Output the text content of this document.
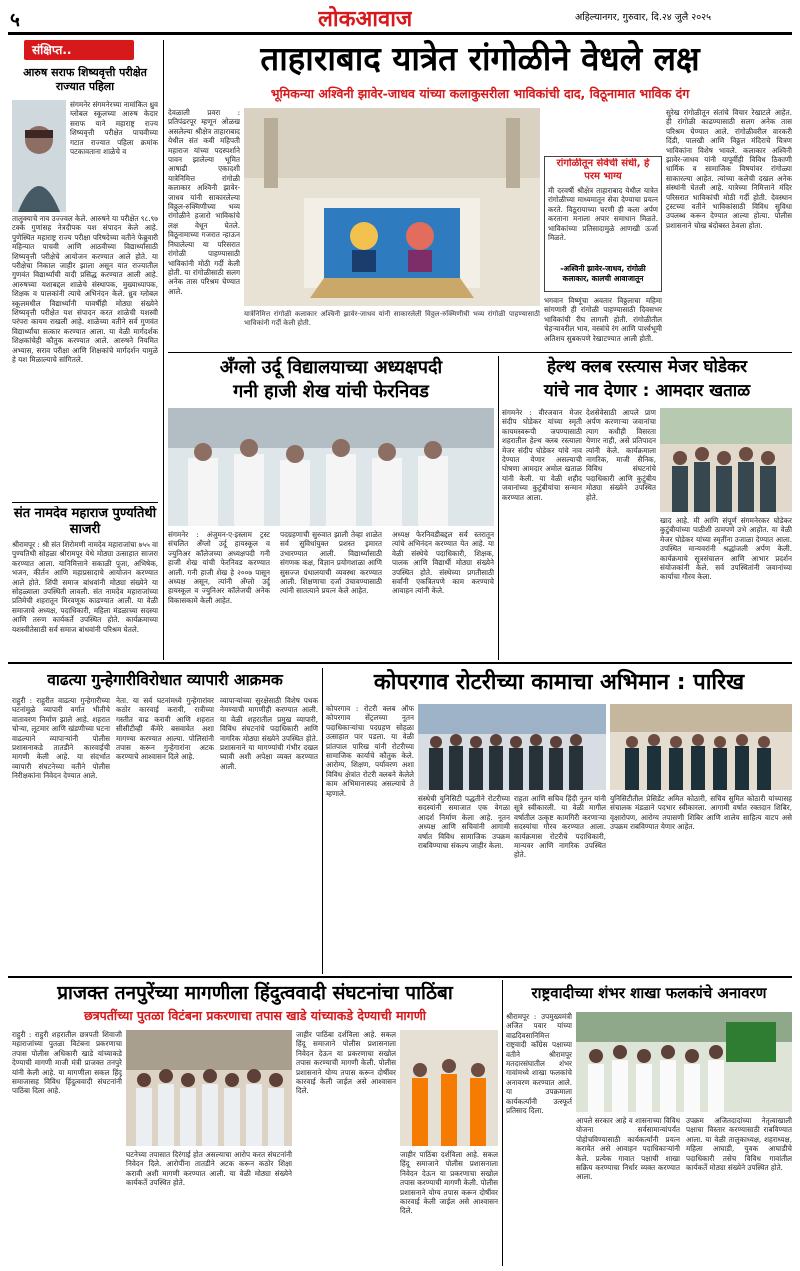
५	लोकआवाज	अहिल्यानगर, गुरुवार, दि.२४ जुलै २०२५
संक्षिप्त..
आरुष सराफ शिष्यवृत्ती परीक्षेत राज्यात पहिला
संगमनेर संगमनेरच्या नामांकित ध्रुव ग्लोबल स्कूलच्या आरुष केदार सराफ याने महाराष्ट्र राज्य शिष्यवृत्ती परीक्षेत पाचवीच्या गटात राज्यात पहिला क्रमांक पटकावताना शाळेचे व
तालुक्याचे नाव उज्ज्वल केले. आरुषने या परीक्षेत ९८.९७ टक्के गुणांसह नेत्रदीपक यश संपादन केले आहे. पुणेस्थित महाराष्ट्र राज्य परीक्षा परिषदेच्या वतीने फेब्रुवारी महिन्यात पाचवी आणि आठवीच्या विद्यार्थ्यांसाठी शिष्यवृत्ती परीक्षेचे आयोजन करण्यात आले होते. या परीक्षेचा निकाल जाहीर झाला असून यात राज्यातील गुणवंत विद्यार्थ्यांची यादी प्रसिद्ध करण्यात आली आहे. आरुषच्या यशाबद्दल शाळेचे संस्थापक, मुख्याध्यापक, शिक्षक व पालकांनी त्याचे अभिनंदन केले. ध्रुव ग्लोबल स्कूलमधील विद्यार्थ्यांनी यावर्षीही मोठ्या संख्येने शिष्यवृत्ती परीक्षेत यश संपादन करत शाळेची यशस्वी परंपरा कायम राखली आहे. शाळेच्या वतीने सर्व गुणवंत विद्यार्थ्यांचा सत्कार करण्यात आला. या वेळी मार्गदर्शक शिक्षकांचेही कौतुक करण्यात आले. आरुषने नियमित अभ्यास, सराव परीक्षा आणि शिक्षकांचे मार्गदर्शन यामुळे हे यश मिळाल्याचे सांगितले.
संत नामदेव महाराज पुण्यतिथी साजरी
श्रीरामपूर : श्री संत शिरोमणी नामदेव महाराजांचा ७५५ वा पुण्यतिथी सोहळा श्रीरामपूर येथे मोठ्या उत्साहात साजरा करण्यात आला. यानिमित्ताने सकाळी पूजा, अभिषेक, भजन, कीर्तन आणि महाप्रसादाचे आयोजन करण्यात आले होते. शिंपी समाज बांधवांनी मोठ्या संख्येने या सोहळ्याला उपस्थिती लावली. संत नामदेव महाराजांच्या प्रतिमेची शहरातून मिरवणूक काढण्यात आली. या वेळी समाजाचे अध्यक्ष, पदाधिकारी, महिला मंडळाच्या सदस्या आणि तरुण कार्यकर्ते उपस्थित होते. कार्यक्रमाच्या यशस्वीतेसाठी सर्व समाज बांधवांनी परिश्रम घेतले.
ताहाराबाद यात्रेत रांगोळीने वेधले लक्ष
भूमिकन्या अश्विनी झावेर-जाधव यांच्या कलाकुसरीला भाविकांची दाद, विठूनामात भाविक दंग
देवळाली प्रवरा : प्रतिपंढरपूर म्हणून ओळख असलेल्या श्रीक्षेत्र ताहाराबाद येथील संत कवी महिपती महाराज यांच्या पदस्पर्शाने पावन झालेल्या भूमित आषाढी एकादशी यात्रेनिमित्त रांगोळी कलाकार अश्विनी झावेर-जाधव यांनी साकारलेल्या विठ्ठल-रुक्मिणीच्या भव्य रांगोळीने हजारो भाविकांचे लक्ष वेधून घेतले. विठूनामाच्या गजरात न्हाऊन निघालेल्या या परिसरात रांगोळी पाहण्यासाठी भाविकांनी मोठी गर्दी केली होती. या रांगोळीसाठी सलग अनेक तास परिश्रम घेण्यात आले.
यात्रेनिमित्त रांगोळी कलाकार अश्विनी झावेर-जाधव यांनी साकारलेली विठ्ठल-रुक्मिणीची भव्य रांगोळी पाहण्यासाठी भाविकांनी गर्दी केली होती.
रांगोळीतून सेवेची संधी, हे परम भाग्य
मी दरवर्षी श्रीक्षेत्र ताहाराबाद येथील यात्रेत रांगोळीच्या माध्यमातून सेवा देण्याचा प्रयत्न करते. विठूरायाच्या चरणी ही कला अर्पण करताना मनाला अपार समाधान मिळते. भाविकांच्या प्रतिसादामुळे आणखी ऊर्जा मिळते.
-अश्विनी झावेर-जाधव, रांगोळी कलाकार, कालची आवाजातून
भगवान विष्णूंचा अवतार विठ्ठलाचा महिमा सांगणारी ही रांगोळी पाहण्यासाठी दिवसभर भाविकांची रीघ लागली होती. रांगोळीतील चेहऱ्यावरील भाव, वस्त्रांचे रंग आणि पार्श्वभूमी अतिशय सुबकपणे रेखाटण्यात आली होती.
सुरेख रांगोळीतून संतांचे विचार रेखाटले आहेत. ही रांगोळी काढण्यासाठी सलग अनेक तास परिश्रम घेण्यात आले. रांगोळीवरील वारकरी दिंडी, पालखी आणि विठ्ठल मंदिराचे चित्रण भाविकांना विशेष भावले. कलाकार अश्विनी झावेर-जाधव यांनी यापूर्वीही विविध ठिकाणी धार्मिक व सामाजिक विषयांवर रांगोळ्या साकारल्या आहेत. त्यांच्या कलेची दखल अनेक संस्थांनी घेतली आहे. यात्रेच्या निमित्ताने मंदिर परिसरात भाविकांची मोठी गर्दी होती. देवस्थान ट्रस्टच्या वतीने भाविकांसाठी विविध सुविधा उपलब्ध करून देण्यात आल्या होत्या. पोलीस प्रशासनाने चोख बंदोबस्त ठेवला होता.
अँग्लो उर्दू विद्यालयाच्या अध्यक्षपदी
गनी हाजी शेख यांची फेरनिवड
संगमनेर : अंजुमन-ए-इस्लाम ट्रस्ट संचलित अँग्लो उर्दू हायस्कूल व ज्युनिअर कॉलेजच्या अध्यक्षपदी गनी हाजी शेख यांची फेरनिवड करण्यात आली. गनी हाजी शेख हे २००७ पासून अध्यक्ष असून, त्यांनी अँग्लो उर्दू हायस्कूल व ज्युनिअर कॉलेजची अनेक विकासकामे केली आहेत.
पदग्रहणाची सुरुवात झाली तेव्हा शाळेत सर्व सुविधांयुक्त प्रशस्त इमारत उभारण्यात आली. विद्यार्थ्यांसाठी संगणक कक्ष, विज्ञान प्रयोगशाळा आणि सुसज्ज ग्रंथालयाची व्यवस्था करण्यात आली. शिक्षणाचा दर्जा उंचावण्यासाठी त्यांनी सातत्याने प्रयत्न केले आहेत.
अध्यक्ष फेरनिवडीबद्दल सर्व स्तरातून त्यांचे अभिनंदन करण्यात येत आहे. या वेळी संस्थेचे पदाधिकारी, शिक्षक, पालक आणि विद्यार्थी मोठ्या संख्येने उपस्थित होते. संस्थेच्या प्रगतीसाठी सर्वांनी एकत्रितपणे काम करण्याचे आवाहन त्यांनी केले.
हेल्थ क्लब रस्त्यास मेजर घोडेकर
यांचे नाव देणार : आमदार खताळ
संगमनेर : वीरजवान मेजर संदीप घोडेकर यांच्या स्मृती कायमस्वरूपी जपण्यासाठी शहरातील हेल्थ क्लब रस्त्याला मेजर संदीप घोडेकर यांचे नाव देण्यात येणार असल्याची घोषणा आमदार अमोल खताळ यांनी केली. या वेळी शहीद जवानांच्या कुटुंबीयांचा सन्मान करण्यात आला.
देशसेवेसाठी आपले प्राण अर्पण करणाऱ्या जवानांचा त्याग कधीही विसरता येणार नाही, असे प्रतिपादन त्यांनी केले. कार्यक्रमाला नागरिक, माजी सैनिक, विविध संघटनांचे पदाधिकारी आणि कुटुंबीय मोठ्या संख्येने उपस्थित होते.
खाद आहे. मी आणि संपूर्ण संगमनेरकर घोडेकर कुटुंबीयांच्या पाठीशी ठामपणे उभे आहोत. या वेळी मेजर घोडेकर यांच्या स्मृतींना उजाळा देण्यात आला. उपस्थित मान्यवरांनी श्रद्धांजली अर्पण केली. कार्यक्रमाचे सूत्रसंचालन आणि आभार प्रदर्शन संयोजकांनी केले. सर्व उपस्थितांनी जवानांच्या कार्याचा गौरव केला.
वाढत्या गुन्हेगारीविरोधात व्यापारी आक्रमक
राहुरी : राहुरीत वाढत्या गुन्हेगारीच्या घटनांमुळे व्यापारी वर्गात भीतीचे वातावरण निर्माण झाले आहे. शहरात चोऱ्या, लूटमार आणि खंडणीच्या घटना वाढल्याने व्यापाऱ्यांनी पोलीस प्रशासनाकडे तातडीने कारवाईची मागणी केली आहे. या संदर्भात व्यापारी संघटनेच्या वतीने पोलीस निरीक्षकांना निवेदन देण्यात आले.
नेता. या सर्व घटनांमध्ये गुन्हेगारांवर कठोर कारवाई करावी, रात्रीच्या गस्तीत वाढ करावी आणि शहरात सीसीटीव्ही कॅमेरे बसवावेत अशा मागण्या करण्यात आल्या. पोलिसांनी तपास करून गुन्हेगारांना अटक करण्याचे आश्वासन दिले आहे.
व्यापाऱ्यांच्या सुरक्षेसाठी विशेष पथक नेमण्याची मागणीही करण्यात आली. या वेळी शहरातील प्रमुख व्यापारी, विविध संघटनांचे पदाधिकारी आणि नागरिक मोठ्या संख्येने उपस्थित होते. प्रशासनाने या मागण्यांची गंभीर दखल घ्यावी अशी अपेक्षा व्यक्त करण्यात आली.
कोपरगाव रोटरीच्या कामाचा अभिमान : पारिख
कोपरगाव : रोटरी क्लब ऑफ कोपरगाव सेंट्रलच्या नूतन पदाधिकाऱ्यांचा पदग्रहण सोहळा उत्साहात पार पडला. या वेळी प्रांतपाल पारिख यांनी रोटरीच्या सामाजिक कार्याचे कौतुक केले. आरोग्य, शिक्षण, पर्यावरण अशा विविध क्षेत्रांत रोटरी क्लबने केलेले काम अभिमानास्पद असल्याचे ते म्हणाले.
संस्थेची युनिसिटी पद्धतीने रोटरीच्या सदस्यांनी समाजात एक वेगळा आदर्श निर्माण केला आहे. नूतन अध्यक्ष आणि सचिवांनी आगामी वर्षात विविध सामाजिक उपक्रम राबविण्याचा संकल्प जाहीर केला.
राहता आणि सचिव हिंदी नूतन यांनी सूत्रे स्वीकारली. या वेळी मागील वर्षातील उत्कृष्ट कामगिरी करणाऱ्या सदस्यांचा गौरव करण्यात आला. कार्यक्रमास रोटरीचे पदाधिकारी, मान्यवर आणि नागरिक उपस्थित होते.
युनिसिटीतील प्रेसिडेंट अमित कोठारी, सचिव सुमित कोठारी यांच्यासह संचालक मंडळाने पदभार स्वीकारला. आगामी वर्षात रक्तदान शिबिर, वृक्षारोपण, आरोग्य तपासणी शिबिर आणि शालेय साहित्य वाटप असे उपक्रम राबविण्यात येणार आहेत.
प्राजक्त तनपुरेंच्या मागणीला हिंदुत्ववादी संघटनांचा पाठिंबा
छत्रपतींच्या पुतळा विटंबना प्रकरणाचा तपास खाडे यांच्याकडे देण्याची मागणी
राहुरी : राहुरी शहरातील छत्रपती शिवाजी महाराजांच्या पुतळा विटंबना प्रकरणाचा तपास पोलीस अधिकारी खाडे यांच्याकडे देण्याची मागणी माजी मंत्री प्राजक्त तनपुरे यांनी केली आहे. या मागणीला सकल हिंदू समाजासह विविध हिंदुत्ववादी संघटनांनी पाठिंबा दिला आहे.
घटनेच्या तपासात दिरंगाई होत असल्याचा आरोप करत संघटनांनी निवेदन दिले. आरोपींना तातडीने अटक करून कठोर शिक्षा करावी अशी मागणी करण्यात आली. या वेळी मोठ्या संख्येने कार्यकर्ते उपस्थित होते.
जाहीर पाठिंबा दर्शविला आहे. सकल हिंदू समाजाने पोलीस प्रशासनाला निवेदन देऊन या प्रकरणाचा सखोल तपास करण्याची मागणी केली. पोलीस प्रशासनाने योग्य तपास करून दोषींवर कारवाई केली जाईल असे आश्वासन दिले.
जाहीर पाठिंबा दर्शविला आहे. सकल हिंदू समाजाने पोलीस प्रशासनाला निवेदन देऊन या प्रकरणाचा सखोल तपास करण्याची मागणी केली. पोलीस प्रशासनाने योग्य तपास करून दोषींवर कारवाई केली जाईल असे आश्वासन दिले.
राष्ट्रवादीच्या शंभर शाखा फलकांचे अनावरण
श्रीरामपूर : उपमुख्यमंत्री अजित पवार यांच्या वाढदिवसानिमित्त राष्ट्रवादी काँग्रेस पक्षाच्या वतीने श्रीरामपूर मतदारसंघातील शंभर गावांमध्ये शाखा फलकांचे अनावरण करण्यात आले. या उपक्रमाला कार्यकर्त्यांनी उत्स्फूर्त प्रतिसाद दिला.
आपले सरकार आहे व शासनाच्या विविध योजना सर्वसामान्यांपर्यंत पोहोचविण्यासाठी कार्यकर्त्यांनी प्रयत्न करावेत असे आवाहन पदाधिकाऱ्यांनी केले. प्रत्येक गावात पक्षाची शाखा सक्रिय करण्याचा निर्धार व्यक्त करण्यात आला.
उपक्रम अजितदादांच्या नेतृत्वाखाली पक्षाचा विस्तार करण्यासाठी राबविण्यात आला. या वेळी तालुकाध्यक्ष, शहराध्यक्ष, महिला आघाडी, युवक आघाडीचे पदाधिकारी तसेच विविध गावांतील कार्यकर्ते मोठ्या संख्येने उपस्थित होते.
